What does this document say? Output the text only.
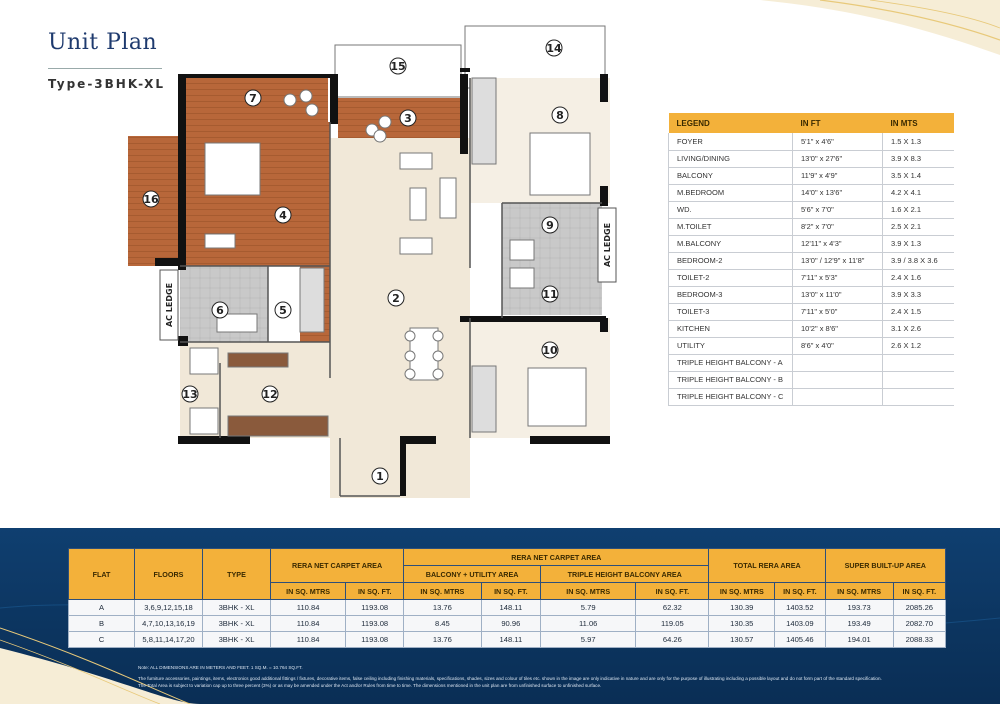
Unit Plan
Type-3BHK-XL
1
2
3
4
5
6
7
8
9
10
11
12
13
14
15
16
AC LEDGE
AC LEDGE
LEGEND	IN FT	IN MTS
FOYER	5'1" x 4'6"	1.5 X 1.3
LIVING/DINING	13'0" x 27'6"	3.9 X 8.3
BALCONY	11'9" x 4'9"	3.5 X 1.4
M.BEDROOM	14'0" x 13'6"	4.2 X 4.1
WD.	5'6" x 7'0"	1.6 X 2.1
M.TOILET	8'2" x 7'0"	2.5 X 2.1
M.BALCONY	12'11" x 4'3"	3.9 X 1.3
BEDROOM-2	13'0" / 12'9" x 11'8"	3.9 / 3.8 X 3.6
TOILET-2	7'11" x 5'3"	2.4 X 1.6
BEDROOM-3	13'0" x 11'0"	3.9 X 3.3
TOILET-3	7'11" x 5'0"	2.4 X 1.5
KITCHEN	10'2" x 8'6"	3.1 X 2.6
UTILITY	8'6" x 4'0"	2.6 X 1.2
TRIPLE HEIGHT BALCONY - A		
TRIPLE HEIGHT BALCONY - B		
TRIPLE HEIGHT BALCONY - C		
FLAT	FLOORS	TYPE	RERA NET CARPET AREA		RERA NET CARPET AREA				TOTAL RERA AREA		SUPER BUILT-UP AREA	
					BALCONY + UTILITY AREA		TRIPLE HEIGHT BALCONY AREA					
			IN SQ. MTRS	IN SQ. FT.	IN SQ. MTRS	IN SQ. FT.	IN SQ. MTRS	IN SQ. FT.	IN SQ. MTRS	IN SQ. FT.	IN SQ. MTRS	IN SQ. FT.
A	3,6,9,12,15,18	3BHK - XL	110.84	1193.08	13.76	148.11	5.79	62.32	130.39	1403.52	193.73	2085.26
B	4,7,10,13,16,19	3BHK - XL	110.84	1193.08	8.45	90.96	11.06	119.05	130.35	1403.09	193.49	2082.70
C	5,8,11,14,17,20	3BHK - XL	110.84	1193.08	13.76	148.11	5.97	64.26	130.57	1405.46	194.01	2088.33
Note: ALL DIMENSIONS ARE IN METERS AND FEET. 1 SQ.M. = 10.764 SQ.FT.
The furniture accessories, paintings, items, electronics good additional fittings / fixtures, decorative items, false ceiling including finishing materials, specifications, shades, sizes and colour of tiles etc. shown in the image are only indicative in nature and are only for the purpose of illustrating including a possible layout and do not form part of the standard specification.
The Total Area is subject to variation cap up to three percent (3%) or as may be amended under the Act and/or Rules from time to time. The dimensions mentioned in the unit plan are from unfinished surface to unfinished surface.
